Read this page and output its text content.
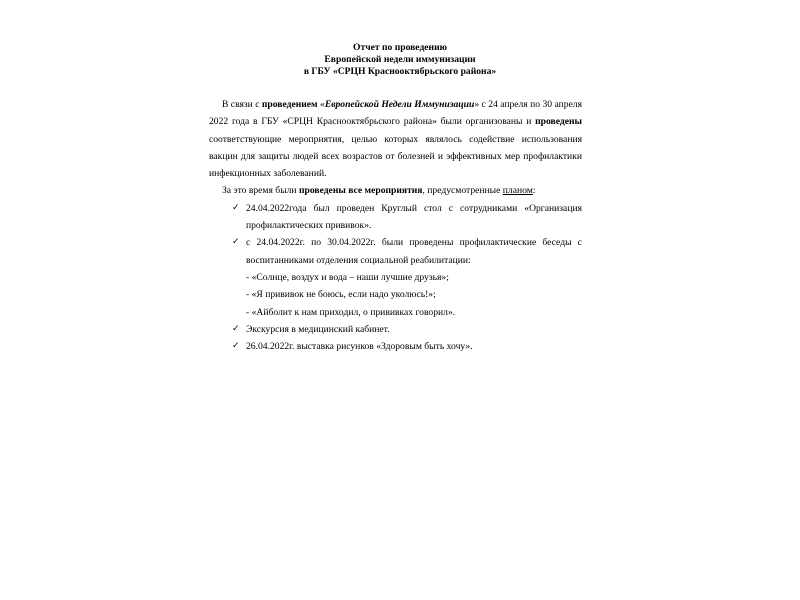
Отчет по проведению
Европейской недели иммунизации
в ГБУ «СРЦН Краснооктябрьского района»

В связи с проведением «Европейской Недели Иммунизации» с 24 апреля по 30 апреля 2022 года в ГБУ «СРЦН Краснооктябрьского района» были организованы и проведены соответствующие мероприятия, целью которых являлось содействие использования вакцин для защиты людей всех возрастов от болезней и эффективных мер профилактики инфекционных заболеваний.

За это время были проведены все мероприятия, предусмотренные планом:

✓ 24.04.2022года был проведен Круглый стол с сотрудниками «Организация профилактических прививок».
✓ с 24.04.2022г. по 30.04.2022г. были проведены профилактические беседы с воспитанниками отделения социальной реабилитации:
- «Солнце, воздух и вода – наши лучшие друзья»;
- «Я прививок не боюсь, если надо уколюсь!»;
- «Айболит к нам приходил, о прививках говорил».
✓ Экскурсия в медицинский кабинет.
✓ 26.04.2022г. выставка рисунков «Здоровым быть хочу».
